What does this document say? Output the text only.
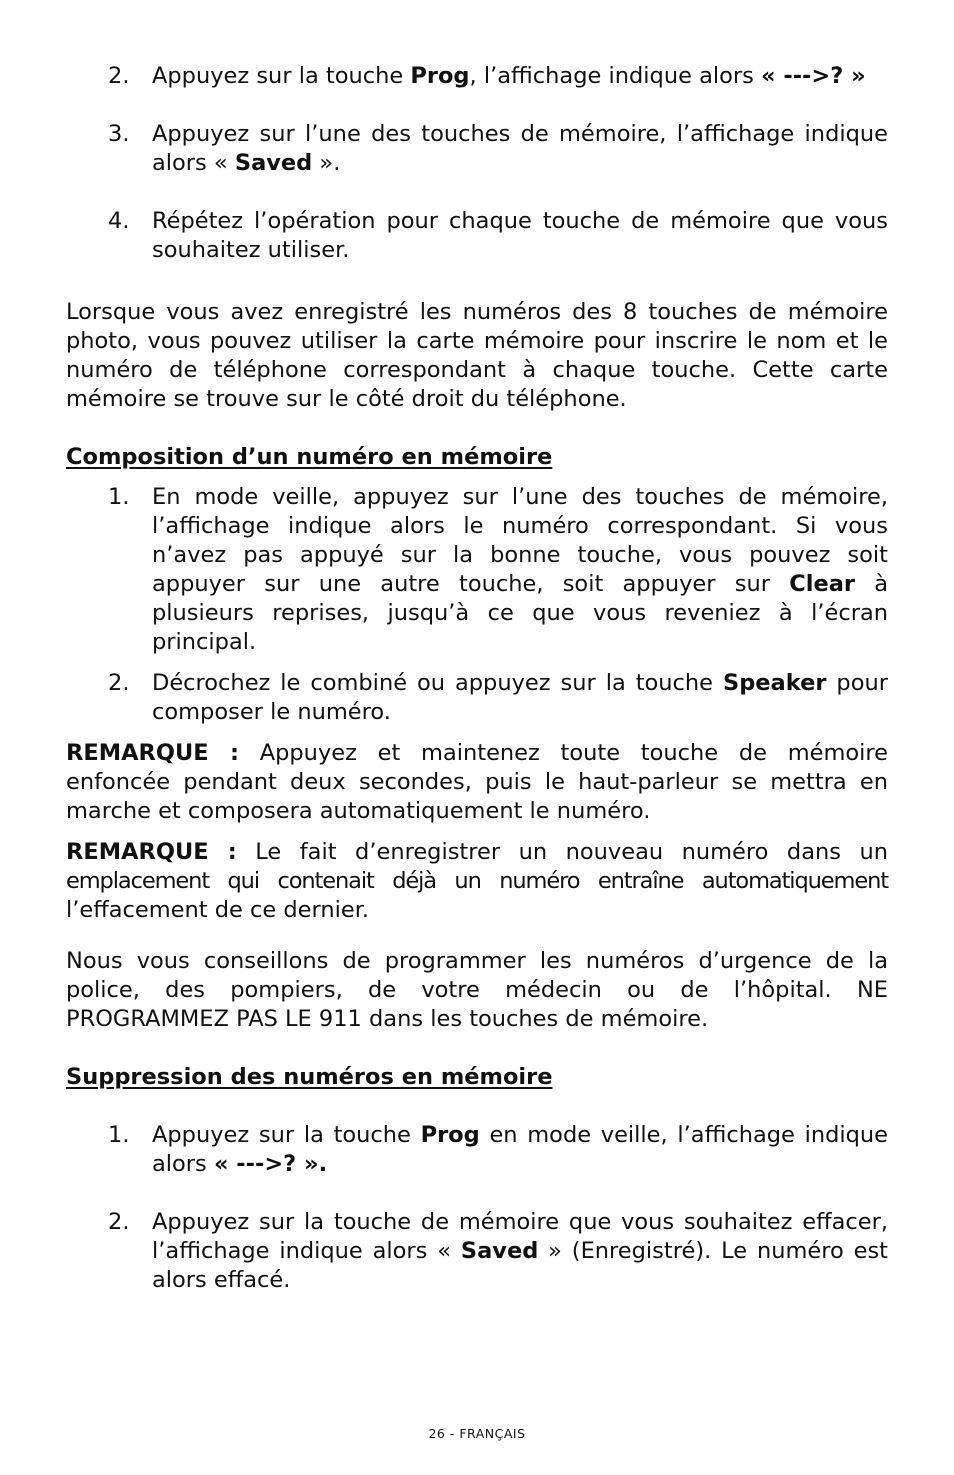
2. Appuyez sur la touche Prog, l’affichage indique alors « --->? »
3. Appuyez sur l’une des touches de mémoire, l’affichage indique alors « Saved ».
4. Répétez l’opération pour chaque touche de mémoire que vous souhaitez utiliser.

Lorsque vous avez enregistré les numéros des 8 touches de mémoire photo, vous pouvez utiliser la carte mémoire pour inscrire le nom et le numéro de téléphone correspondant à chaque touche. Cette carte mémoire se trouve sur le côté droit du téléphone.

Composition d’un numéro en mémoire
1. En mode veille, appuyez sur l’une des touches de mémoire, l’affichage indique alors le numéro correspondant. Si vous n’avez pas appuyé sur la bonne touche, vous pouvez soit appuyer sur une autre touche, soit appuyer sur Clear à plusieurs reprises, jusqu’à ce que vous reveniez à l’écran principal.
2. Décrochez le combiné ou appuyez sur la touche Speaker pour composer le numéro.

REMARQUE : Appuyez et maintenez toute touche de mémoire enfoncée pendant deux secondes, puis le haut-parleur se mettra en marche et composera automatiquement le numéro.

REMARQUE : Le fait d’enregistrer un nouveau numéro dans un emplacement qui contenait déjà un numéro entraîne automatiquement l’effacement de ce dernier.

Nous vous conseillons de programmer les numéros d’urgence de la police, des pompiers, de votre médecin ou de l’hôpital. NE PROGRAMMEZ PAS LE 911 dans les touches de mémoire.

Suppression des numéros en mémoire
1. Appuyez sur la touche Prog en mode veille, l’affichage indique alors « --->? ».
2. Appuyez sur la touche de mémoire que vous souhaitez effacer, l’affichage indique alors « Saved » (Enregistré). Le numéro est alors effacé.
26 - FRANÇAIS
